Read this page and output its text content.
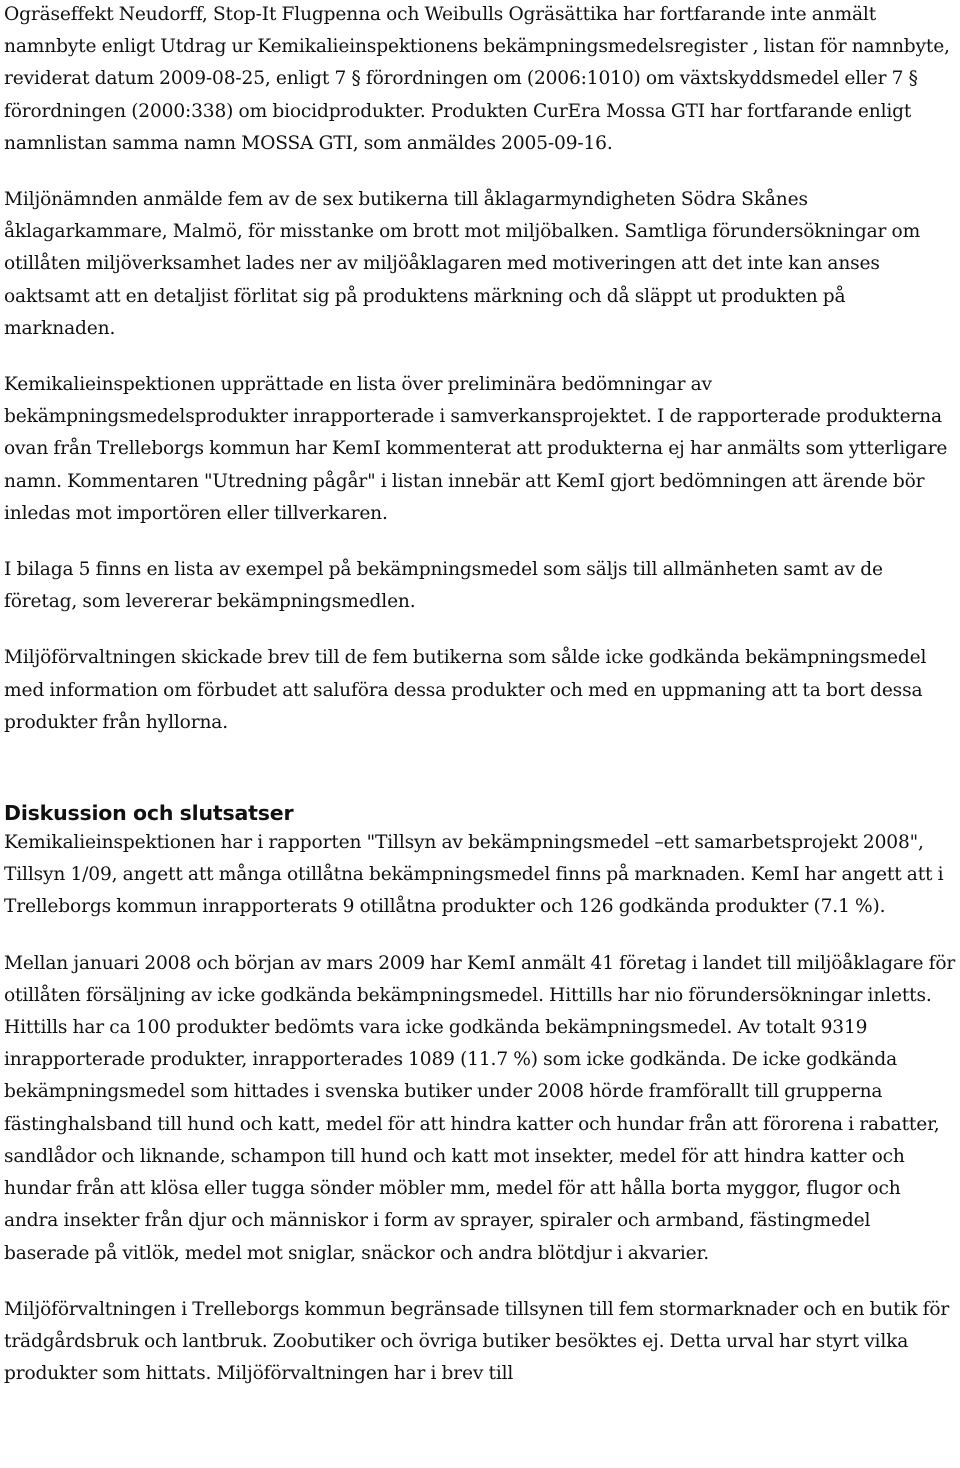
Ogräseffekt Neudorff, Stop-It Flugpenna och Weibulls Ogräsättika har fortfarande inte anmält namnbyte enligt Utdrag ur Kemikalieinspektionens bekämpningsmedelsregister , listan för namnbyte, reviderat datum 2009-08-25, enligt 7 § förordningen om (2006:1010) om växtskyddsmedel eller 7 § förordningen (2000:338) om biocidprodukter. Produkten CurEra Mossa GTI har fortfarande enligt namnlistan samma namn MOSSA GTI, som anmäldes 2005-09-16.

Miljönämnden anmälde fem av de sex butikerna till åklagarmyndigheten Södra Skånes åklagarkammare, Malmö, för misstanke om brott mot miljöbalken. Samtliga förundersökningar om otillåten miljöverksamhet lades ner av miljöåklagaren med motiveringen att det inte kan anses oaktsamt att en detaljist förlitat sig på produktens märkning och då släppt ut produkten på marknaden.

Kemikalieinspektionen upprättade en lista över preliminära bedömningar av bekämpningsmedelsprodukter inrapporterade i samverkansprojektet. I de rapporterade produkterna ovan från Trelleborgs kommun har KemI kommenterat att produkterna ej har anmälts som ytterligare namn. Kommentaren "Utredning pågår" i listan innebär att KemI gjort bedömningen att ärende bör inledas mot importören eller tillverkaren.

I bilaga 5 finns en lista av exempel på bekämpningsmedel som säljs till allmänheten samt av de företag, som levererar bekämpningsmedlen.

Miljöförvaltningen skickade brev till de fem butikerna som sålde icke godkända bekämpningsmedel med information om förbudet att saluföra dessa produkter och med en uppmaning att ta bort dessa produkter från hyllorna.

Diskussion och slutsatser

Kemikalieinspektionen har i rapporten "Tillsyn av bekämpningsmedel –ett samarbetsprojekt 2008", Tillsyn 1/09, angett att många otillåtna bekämpningsmedel finns på marknaden. KemI har angett att i Trelleborgs kommun inrapporterats 9 otillåtna produkter och 126 godkända produkter (7.1 %).

Mellan januari 2008 och början av mars 2009 har KemI anmält 41 företag i landet till miljöåklagare för otillåten försäljning av icke godkända bekämpningsmedel. Hittills har nio förundersökningar inletts. Hittills har ca 100 produkter bedömts vara icke godkända bekämpningsmedel. Av totalt 9319 inrapporterade produkter, inrapporterades 1089 (11.7 %) som icke godkända. De icke godkända bekämpningsmedel som hittades i svenska butiker under 2008 hörde framförallt till grupperna fästinghalsband till hund och katt, medel för att hindra katter och hundar från att förorena i rabatter, sandlådor och liknande, schampon till hund och katt mot insekter, medel för att hindra katter och hundar från att klösa eller tugga sönder möbler mm, medel för att hålla borta myggor, flugor och andra insekter från djur och människor i form av sprayer, spiraler och armband, fästingmedel baserade på vitlök, medel mot sniglar, snäckor och andra blötdjur i akvarier.

Miljöförvaltningen i Trelleborgs kommun begränsade tillsynen till fem stormarknader och en butik för trädgårdsbruk och lantbruk. Zoobutiker och övriga butiker besöktes ej. Detta urval har styrt vilka produkter som hittats. Miljöförvaltningen har i brev till
